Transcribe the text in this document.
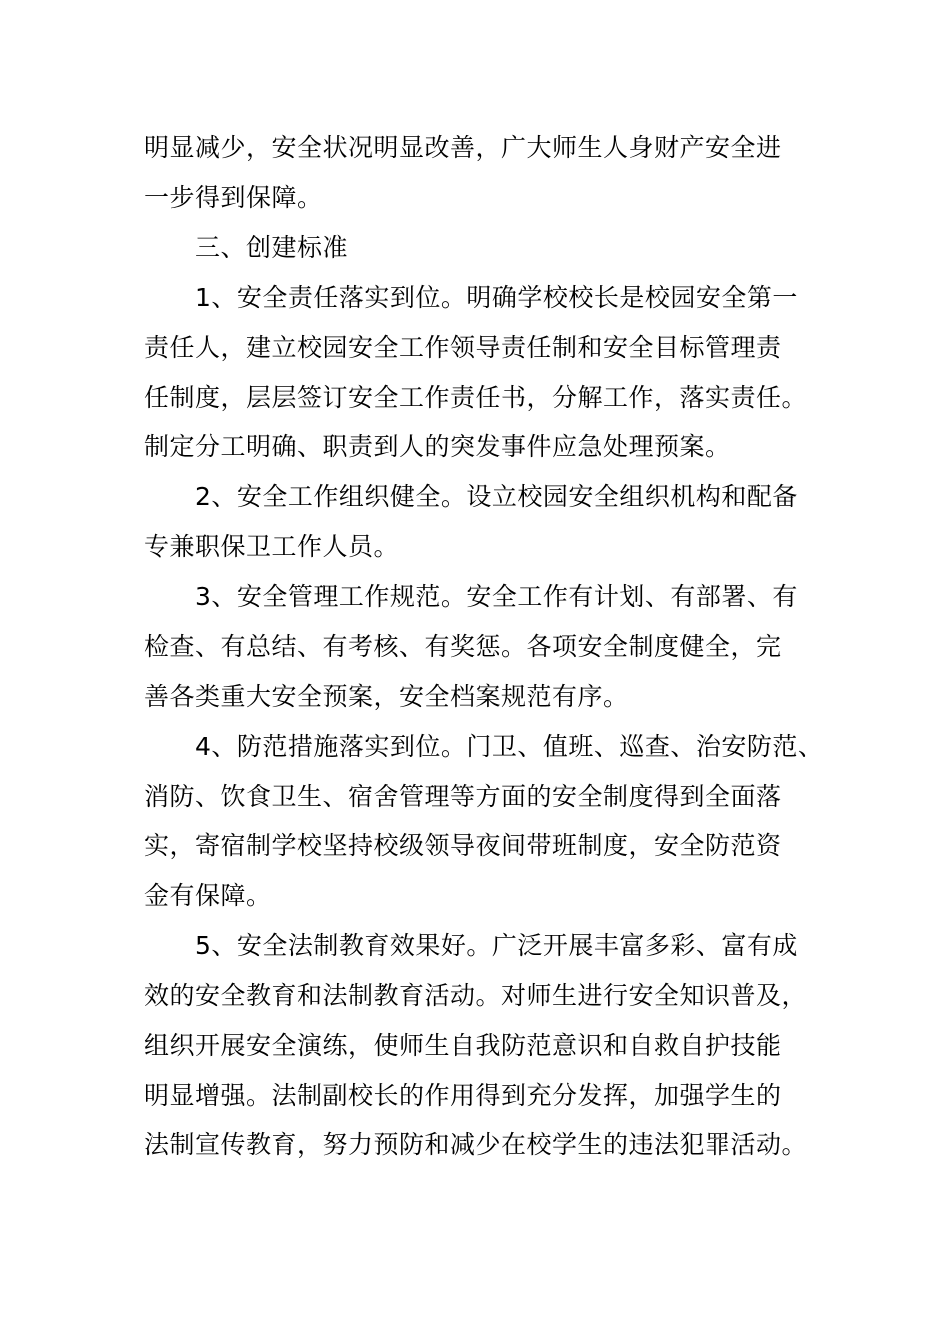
明显减少，安全状况明显改善，广大师生人身财产安全进
一步得到保障。
三、创建标准
1、安全责任落实到位。明确学校校长是校园安全第一
责任人，建立校园安全工作领导责任制和安全目标管理责
任制度，层层签订安全工作责任书，分解工作，落实责任。
制定分工明确、职责到人的突发事件应急处理预案。
2、安全工作组织健全。设立校园安全组织机构和配备
专兼职保卫工作人员。
3、安全管理工作规范。安全工作有计划、有部署、有
检查、有总结、有考核、有奖惩。各项安全制度健全，完
善各类重大安全预案，安全档案规范有序。
4、防范措施落实到位。门卫、值班、巡查、治安防范、
消防、饮食卫生、宿舍管理等方面的安全制度得到全面落
实，寄宿制学校坚持校级领导夜间带班制度，安全防范资
金有保障。
5、安全法制教育效果好。广泛开展丰富多彩、富有成
效的安全教育和法制教育活动。对师生进行安全知识普及，
组织开展安全演练，使师生自我防范意识和自救自护技能
明显增强。法制副校长的作用得到充分发挥，加强学生的
法制宣传教育，努力预防和减少在校学生的违法犯罪活动。
